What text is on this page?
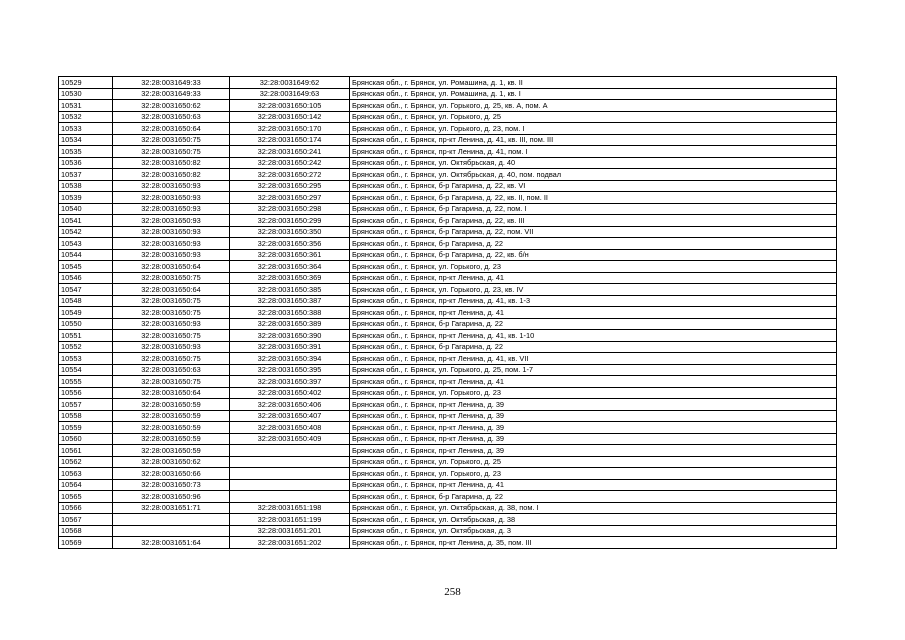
10529	32:28:0031649:33	32:28:0031649:62	Брянская обл., г. Брянск, ул. Ромашина, д. 1, кв. II
10530	32:28:0031649:33	32:28:0031649:63	Брянская обл., г. Брянск, ул. Ромашина, д. 1, кв. I
10531	32:28:0031650:62	32:28:0031650:105	Брянская обл., г. Брянск, ул. Горького, д. 25, кв. А, пом. А
10532	32:28:0031650:63	32:28:0031650:142	Брянская обл., г. Брянск, ул. Горького, д. 25
10533	32:28:0031650:64	32:28:0031650:170	Брянская обл., г. Брянск, ул. Горького, д. 23, пом. I
10534	32:28:0031650:75	32:28:0031650:174	Брянская обл., г. Брянск, пр-кт Ленина, д. 41, кв. III, пом. III
10535	32:28:0031650:75	32:28:0031650:241	Брянская обл., г. Брянск, пр-кт Ленина, д. 41, пом. I
10536	32:28:0031650:82	32:28:0031650:242	Брянская обл., г. Брянск, ул. Октябрьская, д. 40
10537	32:28:0031650:82	32:28:0031650:272	Брянская обл., г. Брянск, ул. Октябрьская, д. 40, пом. подвал
10538	32:28:0031650:93	32:28:0031650:295	Брянская обл., г. Брянск, б-р Гагарина, д. 22, кв. VI
10539	32:28:0031650:93	32:28:0031650:297	Брянская обл., г. Брянск, б-р Гагарина, д. 22, кв. II, пом. II
10540	32:28:0031650:93	32:28:0031650:298	Брянская обл., г. Брянск, б-р Гагарина, д. 22, пом. I
10541	32:28:0031650:93	32:28:0031650:299	Брянская обл., г. Брянск, б-р Гагарина, д. 22, кв. III
10542	32:28:0031650:93	32:28:0031650:350	Брянская обл., г. Брянск, б-р Гагарина, д. 22, пом. VII
10543	32:28:0031650:93	32:28:0031650:356	Брянская обл., г. Брянск, б-р Гагарина, д. 22
10544	32:28:0031650:93	32:28:0031650:361	Брянская обл., г. Брянск, б-р Гагарина, д. 22, кв. б/н
10545	32:28:0031650:64	32:28:0031650:364	Брянская обл., г. Брянск, ул. Горького, д. 23
10546	32:28:0031650:75	32:28:0031650:369	Брянская обл., г. Брянск, пр-кт Ленина, д. 41
10547	32:28:0031650:64	32:28:0031650:385	Брянская обл., г. Брянск, ул. Горького, д. 23, кв. IV
10548	32:28:0031650:75	32:28:0031650:387	Брянская обл., г. Брянск, пр-кт Ленина, д. 41, кв. 1-3
10549	32:28:0031650:75	32:28:0031650:388	Брянская обл., г. Брянск, пр-кт Ленина, д. 41
10550	32:28:0031650:93	32:28:0031650:389	Брянская обл., г. Брянск, б-р Гагарина, д. 22
10551	32:28:0031650:75	32:28:0031650:390	Брянская обл., г. Брянск, пр-кт Ленина, д. 41, кв. 1-10
10552	32:28:0031650:93	32:28:0031650:391	Брянская обл., г. Брянск, б-р Гагарина, д. 22
10553	32:28:0031650:75	32:28:0031650:394	Брянская обл., г. Брянск, пр-кт Ленина, д. 41, кв. VII
10554	32:28:0031650:63	32:28:0031650:395	Брянская обл., г. Брянск, ул. Горького, д. 25, пом. 1-7
10555	32:28:0031650:75	32:28:0031650:397	Брянская обл., г. Брянск, пр-кт Ленина, д. 41
10556	32:28:0031650:64	32:28:0031650:402	Брянская обл., г. Брянск, ул. Горького, д. 23
10557	32:28:0031650:59	32:28:0031650:406	Брянская обл., г. Брянск, пр-кт Ленина, д. 39
10558	32:28:0031650:59	32:28:0031650:407	Брянская обл., г. Брянск, пр-кт Ленина, д. 39
10559	32:28:0031650:59	32:28:0031650:408	Брянская обл., г. Брянск, пр-кт Ленина, д. 39
10560	32:28:0031650:59	32:28:0031650:409	Брянская обл., г. Брянск, пр-кт Ленина, д. 39
10561	32:28:0031650:59		Брянская обл., г. Брянск, пр-кт Ленина, д. 39
10562	32:28:0031650:62		Брянская обл., г. Брянск, ул. Горького, д. 25
10563	32:28:0031650:66		Брянская обл., г. Брянск, ул. Горького, д. 23
10564	32:28:0031650:73		Брянская обл., г. Брянск, пр-кт Ленина, д. 41
10565	32:28:0031650:96		Брянская обл., г. Брянск, б-р Гагарина, д. 22
10566	32:28:0031651:71	32:28:0031651:198	Брянская обл., г. Брянск, ул. Октябрьская, д. 38, пом. I
10567		32:28:0031651:199	Брянская обл., г. Брянск, ул. Октябрьская, д. 38
10568		32:28:0031651:201	Брянская обл., г. Брянск, ул. Октябрьская, д. 3
10569	32:28:0031651:64	32:28:0031651:202	Брянская обл., г. Брянск, пр-кт Ленина, д. 35, пом. III
258
